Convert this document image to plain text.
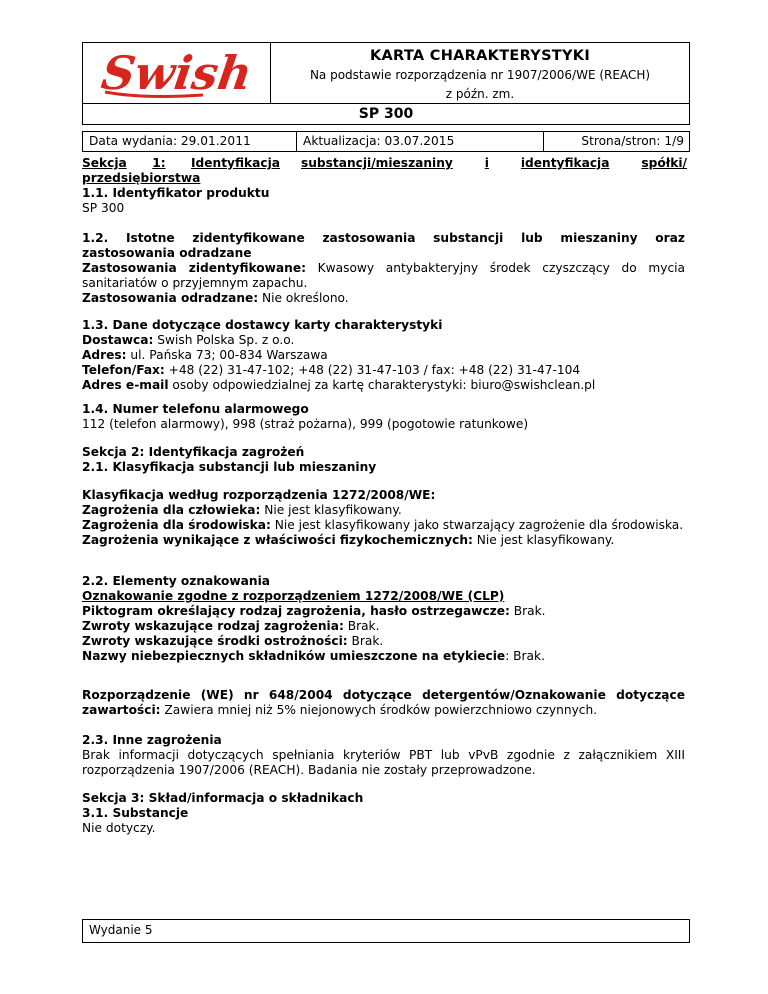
Swish	KARTA CHARAKTERYSTYKI
Na podstawie rozporządzenia nr 1907/2006/WE (REACH)
z późn. zm.
SP 300
Data wydania: 29.01.2011	Aktualizacja: 03.07.2015	Strona/stron: 1/9
Sekcja 1: Identyfikacja
przedsiębiorstwa
1.1. Identyfikator produktu
SP 300
substancji/mieszaniny	i	identyfikacja	spółki/
1.2. Istotne zidentyfikowane zastosowania substancji lub mieszaniny oraz zastosowania odradzane
Zastosowania zidentyfikowane: Kwasowy antybakteryjny środek czyszczący do mycia sanitariatów o przyjemnym zapachu.
Zastosowania odradzane: Nie określono.
1.3. Dane dotyczące dostawcy karty charakterystyki
Dostawca: Swish Polska Sp. z o.o.
Adres: ul. Pańska 73; 00-834 Warszawa
Telefon/Fax: +48 (22) 31-47-102; +48 (22) 31-47-103 / fax: +48 (22) 31-47-104
Adres e-mail osoby odpowiedzialnej za kartę charakterystyki: biuro@swishclean.pl
1.4. Numer telefonu alarmowego
112 (telefon alarmowy), 998 (straż pożarna), 999 (pogotowie ratunkowe)
Sekcja 2: Identyfikacja zagrożeń
2.1. Klasyfikacja substancji lub mieszaniny
Klasyfikacja według rozporządzenia 1272/2008/WE:
Zagrożenia dla człowieka: Nie jest klasyfikowany.
Zagrożenia dla środowiska: Nie jest klasyfikowany jako stwarzający zagrożenie dla środowiska.
Zagrożenia wynikające z właściwości fizykochemicznych: Nie jest klasyfikowany.
2.2. Elementy oznakowania
Oznakowanie zgodne z rozporządzeniem 1272/2008/WE (CLP)
Piktogram określający rodzaj zagrożenia, hasło ostrzegawcze: Brak.
Zwroty wskazujące rodzaj zagrożenia: Brak.
Zwroty wskazujące środki ostrożności: Brak.
Nazwy niebezpiecznych składników umieszczone na etykiecie: Brak.
Rozporządzenie (WE) nr 648/2004 dotyczące detergentów/Oznakowanie dotyczące zawartości: Zawiera mniej niż 5% niejonowych środków powierzchniowo czynnych.
2.3. Inne zagrożenia
Brak informacji dotyczących spełniania kryteriów PBT lub vPvB zgodnie z załącznikiem XIII rozporządzenia 1907/2006 (REACH). Badania nie zostały przeprowadzone.
Sekcja 3: Skład/informacja o składnikach
3.1. Substancje
Nie dotyczy.
Wydanie 5
